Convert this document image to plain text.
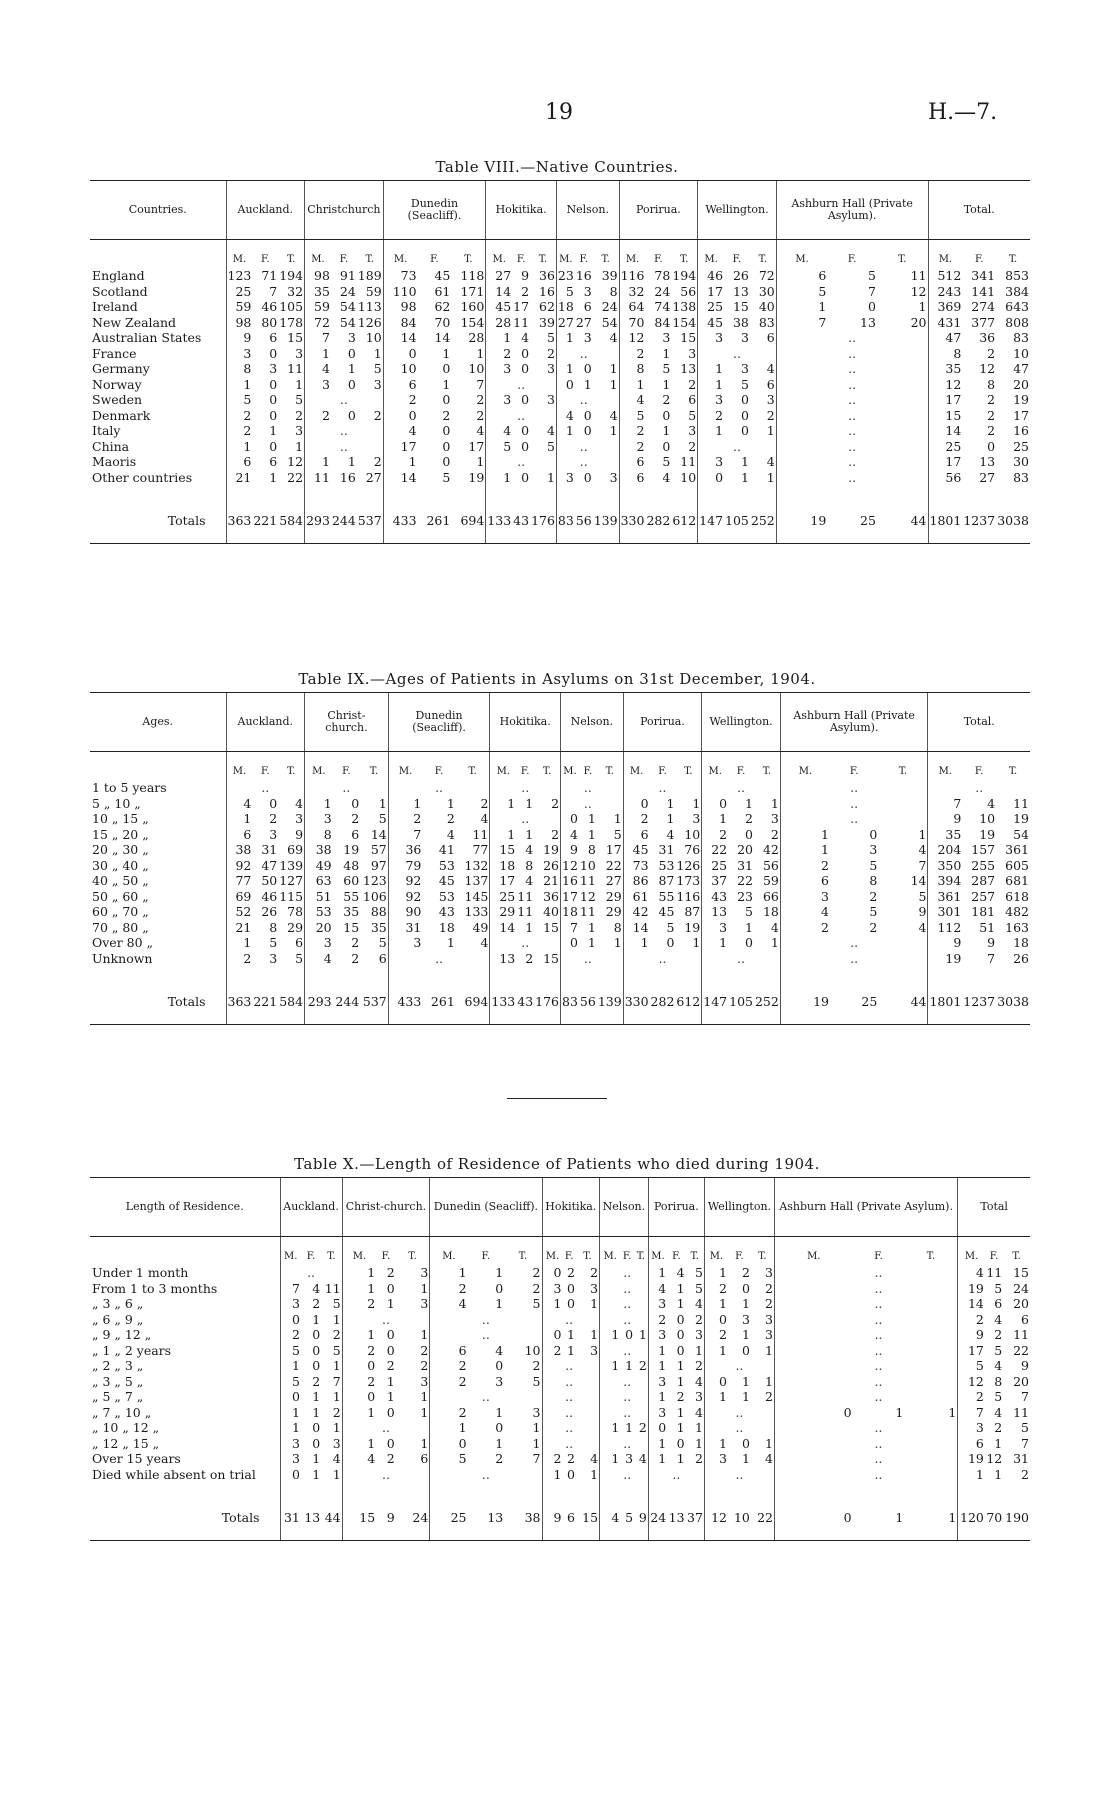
19	H.—7.
Table VIII.—Native Countries.
Countries.	Auckland.			Christchurch			Dunedin (Seacliff).			Hokitika.			Nelson.			Porirua.			Wellington.			Ashburn Hall (Private Asylum).			Total.		
	M.	F.	T.	M.	F.	T.	M.	F.	T.	M.	F.	T.	M.	F.	T.	M.	F.	T.	M.	F.	T.	M.	F.	T.	M.	F.	T.
England	123	71	194	98	91	189	73	45	118	27	9	36	23	16	39	116	78	194	46	26	72	6	5	11	512	341	853
Scotland	25	7	32	35	24	59	110	61	171	14	2	16	5	3	8	32	24	56	17	13	30	5	7	12	243	141	384
Ireland	59	46	105	59	54	113	98	62	160	45	17	62	18	6	24	64	74	138	25	15	40	1	0	1	369	274	643
New Zealand	98	80	178	72	54	126	84	70	154	28	11	39	27	27	54	70	84	154	45	38	83	7	13	20	431	377	808
Australian States	9	6	15	7	3	10	14	14	28	1	4	5	1	3	4	12	3	15	3	3	6		..		47	36	83
France	3	0	3	1	0	1	0	1	1	2	0	2		..		2	1	3		..			..		8	2	10
Germany	8	3	11	4	1	5	10	0	10	3	0	3	1	0	1	8	5	13	1	3	4		..		35	12	47
Norway	1	0	1	3	0	3	6	1	7		..		0	1	1	1	1	2	1	5	6		..		12	8	20
Sweden	5	0	5		..		2	0	2	3	0	3		..		4	2	6	3	0	3		..		17	2	19
Denmark	2	0	2	2	0	2	0	2	2		..		4	0	4	5	0	5	2	0	2		..		15	2	17
Italy	2	1	3		..		4	0	4	4	0	4	1	0	1	2	1	3	1	0	1		..		14	2	16
China	1	0	1		..		17	0	17	5	0	5		..		2	0	2		..			..		25	0	25
Maoris	6	6	12	1	1	2	1	0	1		..			..		6	5	11	3	1	4		..		17	13	30
Other countries	21	1	22	11	16	27	14	5	19	1	0	1	3	0	3	6	4	10	0	1	1		..		56	27	83

Totals	363	221	584	293	244	537	433	261	694	133	43	176	83	56	139	330	282	612	147	105	252	19	25	44	1801	1237	3038

Table IX.—Ages of Patients in Asylums on 31st December, 1904.
Ages.	Auckland.			Christ-church.			Dunedin (Seacliff).			Hokitika.			Nelson.			Porirua.			Wellington.			Ashburn Hall (Private Asylum).			Total.		
	M.	F.	T.	M.	F.	T.	M.	F.	T.	M.	F.	T.	M.	F.	T.	M.	F.	T.	M.	F.	T.	M.	F.	T.	M.	F.	T.
1 to 5 years		..			..			..			..			..			..			..			..			..	
5 „ 10 „	4	0	4	1	0	1	1	1	2	1	1	2		..		0	1	1	0	1	1		..		7	4	11
10 „ 15 „	1	2	3	3	2	5	2	2	4		..		0	1	1	2	1	3	1	2	3		..		9	10	19
15 „ 20 „	6	3	9	8	6	14	7	4	11	1	1	2	4	1	5	6	4	10	2	0	2	1	0	1	35	19	54
20 „ 30 „	38	31	69	38	19	57	36	41	77	15	4	19	9	8	17	45	31	76	22	20	42	1	3	4	204	157	361
30 „ 40 „	92	47	139	49	48	97	79	53	132	18	8	26	12	10	22	73	53	126	25	31	56	2	5	7	350	255	605
40 „ 50 „	77	50	127	63	60	123	92	45	137	17	4	21	16	11	27	86	87	173	37	22	59	6	8	14	394	287	681
50 „ 60 „	69	46	115	51	55	106	92	53	145	25	11	36	17	12	29	61	55	116	43	23	66	3	2	5	361	257	618
60 „ 70 „	52	26	78	53	35	88	90	43	133	29	11	40	18	11	29	42	45	87	13	5	18	4	5	9	301	181	482
70 „ 80 „	21	8	29	20	15	35	31	18	49	14	1	15	7	1	8	14	5	19	3	1	4	2	2	4	112	51	163
Over 80 „	1	5	6	3	2	5	3	1	4		..		0	1	1	1	0	1	1	0	1		..		9	9	18
Unknown	2	3	5	4	2	6		..		13	2	15		..			..			..			..		19	7	26

Totals	363	221	584	293	244	537	433	261	694	133	43	176	83	56	139	330	282	612	147	105	252	19	25	44	1801	1237	3038

Table X.—Length of Residence of Patients who died during 1904.
Length of Residence.	Auckland.			Christ-church.			Dunedin (Seacliff).			Hokitika.			Nelson.			Porirua.			Wellington.			Ashburn Hall (Private Asylum).			Total		
	M.	F.	T.	M.	F.	T.	M.	F.	T.	M.	F.	T.	M.	F.	T.	M.	F.	T.	M.	F.	T.	M.	F.	T.	M.	F.	T.
Under 1 month		..		1	2	3	1	1	2	0	2	2		..		1	4	5	1	2	3		..		4	11	15
From 1 to 3 months	7	4	11	1	0	1	2	0	2	3	0	3		..		4	1	5	2	0	2		..		19	5	24
„ 3 „ 6 „	3	2	5	2	1	3	4	1	5	1	0	1		..		3	1	4	1	1	2		..		14	6	20
„ 6 „ 9 „	0	1	1		..			..			..			..		2	0	2	0	3	3		..		2	4	6
„ 9 „ 12 „	2	0	2	1	0	1		..		0	1	1	1	0	1	3	0	3	2	1	3		..		9	2	11
„ 1 „ 2 years	5	0	5	2	0	2	6	4	10	2	1	3		..		1	0	1	1	0	1		..		17	5	22
„ 2 „ 3 „	1	0	1	0	2	2	2	0	2		..		1	1	2	1	1	2		..			..		5	4	9
„ 3 „ 5 „	5	2	7	2	1	3	2	3	5		..			..		3	1	4	0	1	1		..		12	8	20
„ 5 „ 7 „	0	1	1	0	1	1		..			..			..		1	2	3	1	1	2		..		2	5	7
„ 7 „ 10 „	1	1	2	1	0	1	2	1	3		..			..		3	1	4		..		0	1	1	7	4	11
„ 10 „ 12 „	1	0	1		..		1	0	1		..		1	1	2	0	1	1		..			..		3	2	5
„ 12 „ 15 „	3	0	3	1	0	1	0	1	1		..			..		1	0	1	1	0	1		..		6	1	7
Over 15 years	3	1	4	4	2	6	5	2	7	2	2	4	1	3	4	1	1	2	3	1	4		..		19	12	31
Died while absent on trial	0	1	1		..			..		1	0	1		..			..			..			..		1	1	2

Totals	31	13	44	15	9	24	25	13	38	9	6	15	4	5	9	24	13	37	12	10	22	0	1	1	120	70	190
